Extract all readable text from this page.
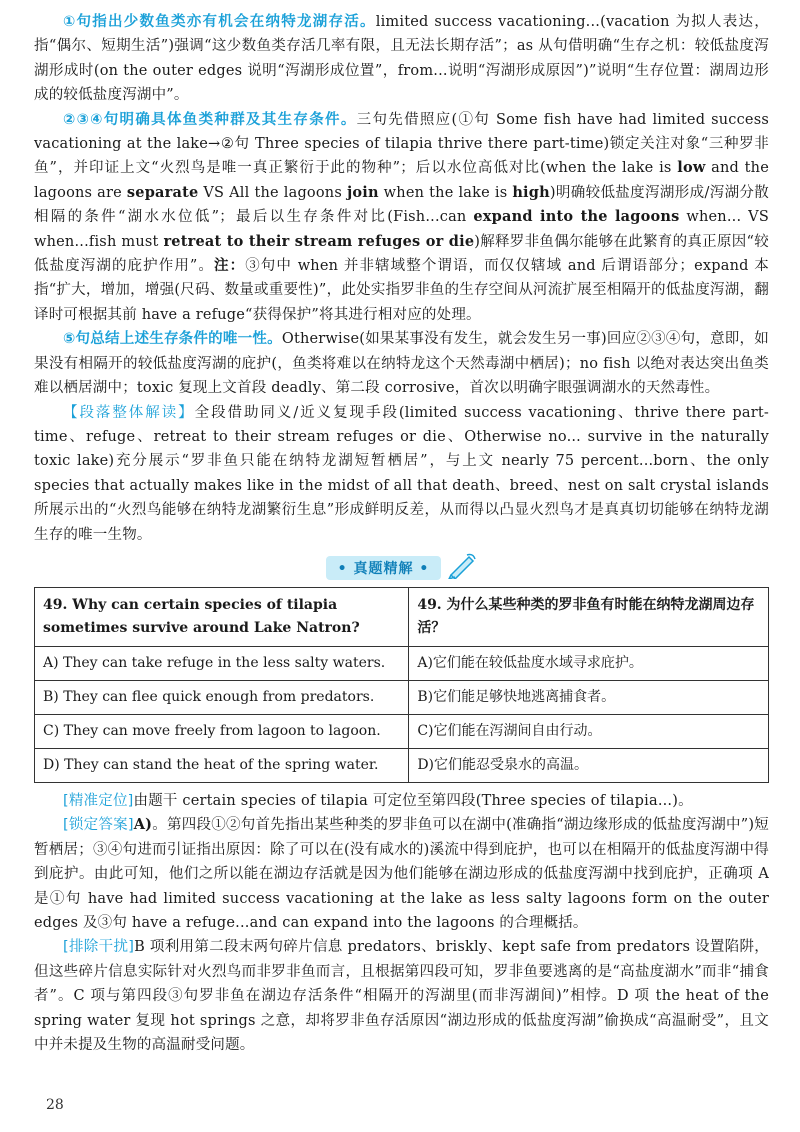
①句指出少数鱼类亦有机会在纳特龙湖存活。limited success vacationing...(vacation 为拟人表达，指“偶尔、短期生活”)强调“这少数鱼类存活几率有限，且无法长期存活”；as 从句借明确“生存之机：较低盐度泻湖形成时(on the outer edges 说明“泻湖形成位置”，from...说明“泻湖形成原因”)”说明“生存位置：湖周边形成的较低盐度泻湖中”。

②③④句明确具体鱼类种群及其生存条件。三句先借照应(①句 Some fish have had limited success vacationing at the lake→②句 Three species of tilapia thrive there part-time)锁定关注对象“三种罗非鱼”，并印证上文“火烈鸟是唯一真正繁衍于此的物种”；后以水位高低对比(when the lake is low and the lagoons are separate VS All the lagoons join when the lake is high)明确较低盐度泻湖形成/泻湖分散相隔的条件“湖水水位低”；最后以生存条件对比(Fish...can expand into the lagoons when... VS when...fish must retreat to their stream refuges or die)解释罗非鱼偶尔能够在此繁育的真正原因“较低盐度泻湖的庇护作用”。注：③句中 when 并非辖域整个谓语，而仅仅辖域 and 后谓语部分；expand 本指“扩大，增加，增强(尺码、数量或重要性)”，此处实指罗非鱼的生存空间从河流扩展至相隔开的低盐度泻湖，翻译时可根据其前 have a refuge“获得保护”将其进行相对应的处理。

⑤句总结上述生存条件的唯一性。Otherwise(如果某事没有发生，就会发生另一事)回应②③④句，意即，如果没有相隔开的较低盐度泻湖的庇护(，鱼类将难以在纳特龙这个天然毒湖中栖居)；no fish 以绝对表达突出鱼类难以栖居湖中；toxic 复现上文首段 deadly、第二段 corrosive，首次以明确字眼强调湖水的天然毒性。

【段落整体解读】全段借助同义/近义复现手段(limited success vacationing、thrive there part-time、refuge、retreat to their stream refuges or die、Otherwise no... survive in the naturally toxic lake)充分展示“罗非鱼只能在纳特龙湖短暂栖居”，与上文 nearly 75 percent...born、the only species that actually makes like in the midst of all that death、breed、nest on salt crystal islands 所展示出的“火烈鸟能够在纳特龙湖繁衍生息”形成鲜明反差，从而得以凸显火烈鸟才是真真切切能够在纳特龙湖生存的唯一生物。

• 真题精解 •
49. Why can certain species of tilapia sometimes survive around Lake Natron?	49. 为什么某些种类的罗非鱼有时能在纳特龙湖周边存活？
A) They can take refuge in the less salty waters.	A)它们能在较低盐度水域寻求庇护。
B) They can flee quick enough from predators.	B)它们能足够快地逃离捕食者。
C) They can move freely from lagoon to lagoon.	C)它们能在泻湖间自由行动。
D) They can stand the heat of the spring water.	D)它们能忍受泉水的高温。

[精准定位]由题干 certain species of tilapia 可定位至第四段(Three species of tilapia...)。

[锁定答案]A)。第四段①②句首先指出某些种类的罗非鱼可以在湖中(准确指“湖边缘形成的低盐度泻湖中”)短暂栖居；③④句进而引证指出原因：除了可以在(没有咸水的)溪流中得到庇护，也可以在相隔开的低盐度泻湖中得到庇护。由此可知，他们之所以能在湖边存活就是因为他们能够在湖边形成的低盐度泻湖中找到庇护，正确项 A 是①句 have had limited success vacationing at the lake as less salty lagoons form on the outer edges 及③句 have a refuge...and can expand into the lagoons 的合理概括。

[排除干扰]B 项利用第二段末两句碎片信息 predators、briskly、kept safe from predators 设置陷阱，但这些碎片信息实际针对火烈鸟而非罗非鱼而言，且根据第四段可知，罗非鱼要逃离的是“高盐度湖水”而非“捕食者”。C 项与第四段③句罗非鱼在湖边存活条件“相隔开的泻湖里(而非泻湖间)”相悖。D 项 the heat of the spring water 复现 hot springs 之意，却将罗非鱼存活原因“湖边形成的低盐度泻湖”偷换成“高温耐受”，且文中并未提及生物的高温耐受问题。

28
